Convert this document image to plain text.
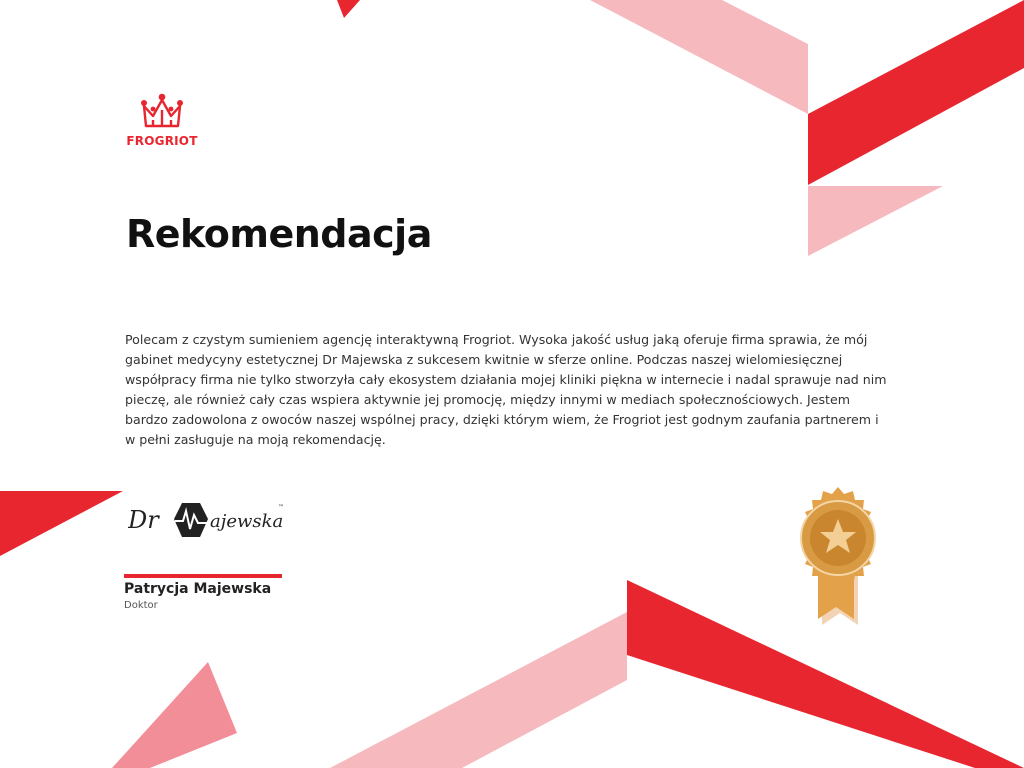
FROGRIOT
Rekomendacja

Polecam z czystym sumieniem agencję interaktywną Frogriot. Wysoka jakość usług jaką oferuje firma sprawia, że mój gabinet medycyny estetycznej Dr Majewska z sukcesem kwitnie w sferze online. Podczas naszej wielomiesięcznej współpracy firma nie tylko stworzyła cały ekosystem działania mojej kliniki piękna w internecie i nadal sprawuje nad nim pieczę, ale również cały czas wspiera aktywnie jej promocję, między innymi w mediach społecznościowych. Jestem bardzo zadowolona z owoców naszej wspólnej pracy, dzięki którym wiem, że Frogriot jest godnym zaufania partnerem i w pełni zasługuje na moją rekomendację.

Dr	ajewska
™
Patrycja Majewska
Doktor
